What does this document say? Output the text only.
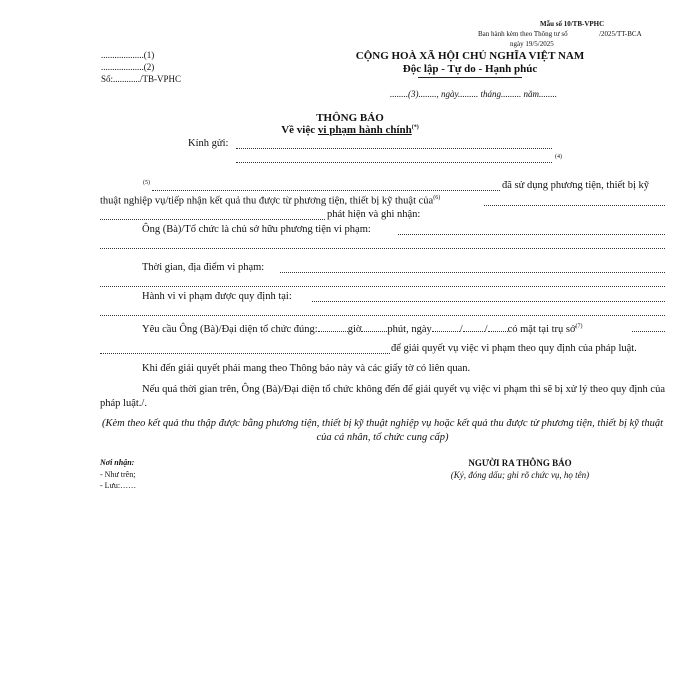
Mẫu số 10/TB-VPHC
Ban hành kèm theo Thông tư số	/2025/TT-BCA
ngày 19/5/2025
...................(1)
...................(2)
Số:............/TB-VPHC
CỘNG HOÀ XÃ HỘI CHỦ NGHĨA VIỆT NAM
Độc lập - Tự do - Hạnh phúc
........(3)........, ngày......... tháng......... năm........
THÔNG BÁO
Về việc vi phạm hành chính(*)
Kính gửi:
(4)
(5)	đã sử dụng phương tiện, thiết bị kỹ
thuật nghiệp vụ/tiếp nhận kết quả thu được từ phương tiện, thiết bị kỹ thuật của$^{(6)}$
phát hiện và ghi nhận:
Ông (Bà)/Tổ chức là chủ sở hữu phương tiện vi phạm:
Thời gian, địa điểm vi phạm:
Hành vi vi phạm được quy định tại:
Yêu cầu Ông (Bà)/Đại diện tổ chức đúng:	giờ phút, ngày	/ / có mặt tại trụ sở$^{(7)}$
để giải quyết vụ việc vi phạm theo quy định của pháp luật.
Khi đến giải quyết phải mang theo Thông báo này và các giấy tờ có liên quan.
Nếu quá thời gian trên, Ông (Bà)/Đại diện tổ chức không đến để giải quyết vụ việc vi phạm thì sẽ bị xử lý theo quy định của pháp luật./.
(Kèm theo kết quả thu thập được bằng phương tiện, thiết bị kỹ thuật nghiệp vụ hoặc kết quả thu được từ phương tiện, thiết bị kỹ thuật của cá nhân, tổ chức cung cấp)
Nơi nhận:
- Như trên;
- Lưu:……
NGƯỜI RA THÔNG BÁO
(Ký, đóng dấu; ghi rõ chức vụ, họ tên)
